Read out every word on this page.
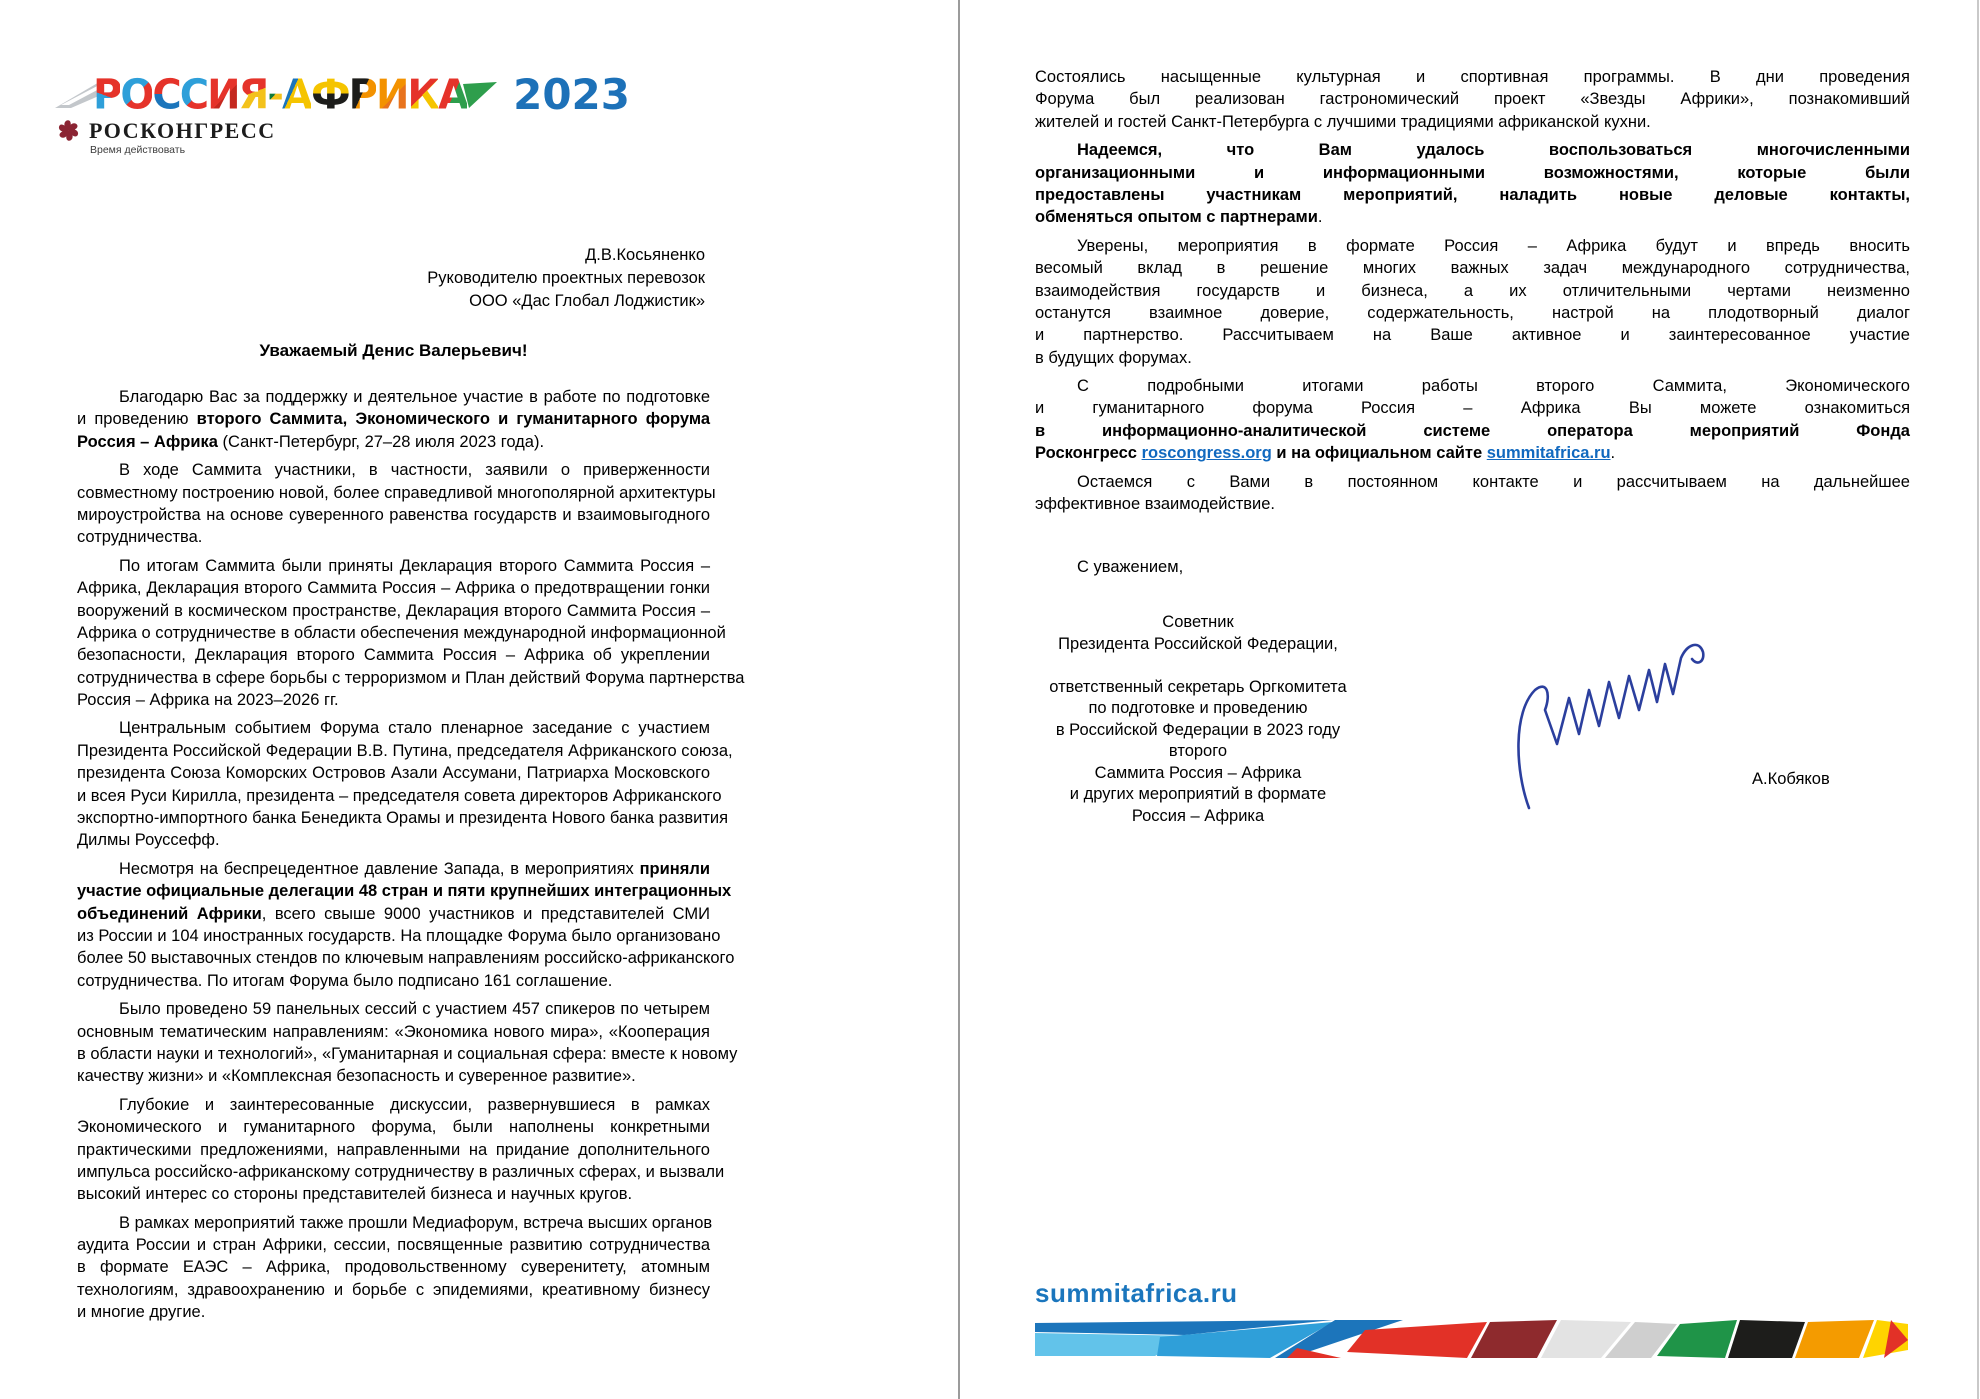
Р О С С И Я - А Ф Р И К А 2023
РОСКОНГРЕСС
Время действовать
Д.В.Косьяненко
Руководителю проектных перевозок
ООО «Дас Глобал Лоджистик»
Уважаемый Денис Валерьевич!
Благодарю Вас за поддержку и деятельное участие в работе по подготовке
и проведению второго Саммита, Экономического и гуманитарного форума
Россия – Африка (Санкт-Петербург, 27–28 июля 2023 года).
В ходе Саммита участники, в частности, заявили о приверженности
совместному построению новой, более справедливой многополярной архитектуры
мироустройства на основе суверенного равенства государств и взаимовыгодного
сотрудничества.
По итогам Саммита были приняты Декларация второго Саммита Россия –
Африка, Декларация второго Саммита Россия – Африка о предотвращении гонки
вооружений в космическом пространстве, Декларация второго Саммита Россия –
Африка о сотрудничестве в области обеспечения международной информационной
безопасности, Декларация второго Саммита Россия – Африка об укреплении
сотрудничества в сфере борьбы с терроризмом и План действий Форума партнерства
Россия – Африка на 2023–2026 гг.
Центральным событием Форума стало пленарное заседание с участием
Президента Российской Федерации В.В. Путина, председателя Африканского союза,
президента Союза Коморских Островов Азали Ассумани, Патриарха Московского
и всея Руси Кирилла, президента – председателя совета директоров Африканского
экспортно-импортного банка Бенедикта Орамы и президента Нового банка развития
Дилмы Роуссефф.
Несмотря на беспрецедентное давление Запада, в мероприятиях приняли
участие официальные делегации 48 стран и пяти крупнейших интеграционных
объединений Африки, всего свыше 9000 участников и представителей СМИ
из России и 104 иностранных государств. На площадке Форума было организовано
более 50 выставочных стендов по ключевым направлениям российско-африканского
сотрудничества. По итогам Форума было подписано 161 соглашение.
Было проведено 59 панельных сессий с участием 457 спикеров по четырем
основным тематическим направлениям: «Экономика нового мира», «Кооперация
в области науки и технологий», «Гуманитарная и социальная сфера: вместе к новому
качеству жизни» и «Комплексная безопасность и суверенное развитие».
Глубокие и заинтересованные дискуссии, развернувшиеся в рамках
Экономического и гуманитарного форума, были наполнены конкретными
практическими предложениями, направленными на придание дополнительного
импульса российско-африканскому сотрудничеству в различных сферах, и вызвали
высокий интерес со стороны представителей бизнеса и научных кругов.
В рамках мероприятий также прошли Медиафорум, встреча высших органов
аудита России и стран Африки, сессии, посвященные развитию сотрудничества
в формате ЕАЭС – Африка, продовольственному суверенитету, атомным
технологиям, здравоохранению и борьбе с эпидемиями, креативному бизнесу
и многие другие.
Состоялись насыщенные культурная и спортивная программы. В дни проведения
Форума был реализован гастрономический проект «Звезды Африки», познакомивший
жителей и гостей Санкт-Петербурга с лучшими традициями африканской кухни.
Надеемся, что Вам удалось воспользоваться многочисленными
организационными и информационными возможностями, которые были
предоставлены участникам мероприятий, наладить новые деловые контакты,
обменяться опытом с партнерами.
Уверены, мероприятия в формате Россия – Африка будут и впредь вносить
весомый вклад в решение многих важных задач международного сотрудничества,
взаимодействия государств и бизнеса, а их отличительными чертами неизменно
останутся взаимное доверие, содержательность, настрой на плодотворный диалог
и партнерство. Рассчитываем на Ваше активное и заинтересованное участие
в будущих форумах.
С подробными итогами работы второго Саммита, Экономического
и гуманитарного форума Россия – Африка Вы можете ознакомиться
в информационно-аналитической системе оператора мероприятий Фонда
Росконгресс roscongress.org и на официальном сайте summitafrica.ru.
Остаемся с Вами в постоянном контакте и рассчитываем на дальнейшее
эффективное взаимодействие.
С уважением,
Советник
Президента Российской Федерации,

ответственный секретарь Оргкомитета
по подготовке и проведению
в Российской Федерации в 2023 году второго
Саммита Россия – Африка
и других мероприятий в формате
Россия – Африка
А.Кобяков
summitafrica.ru
